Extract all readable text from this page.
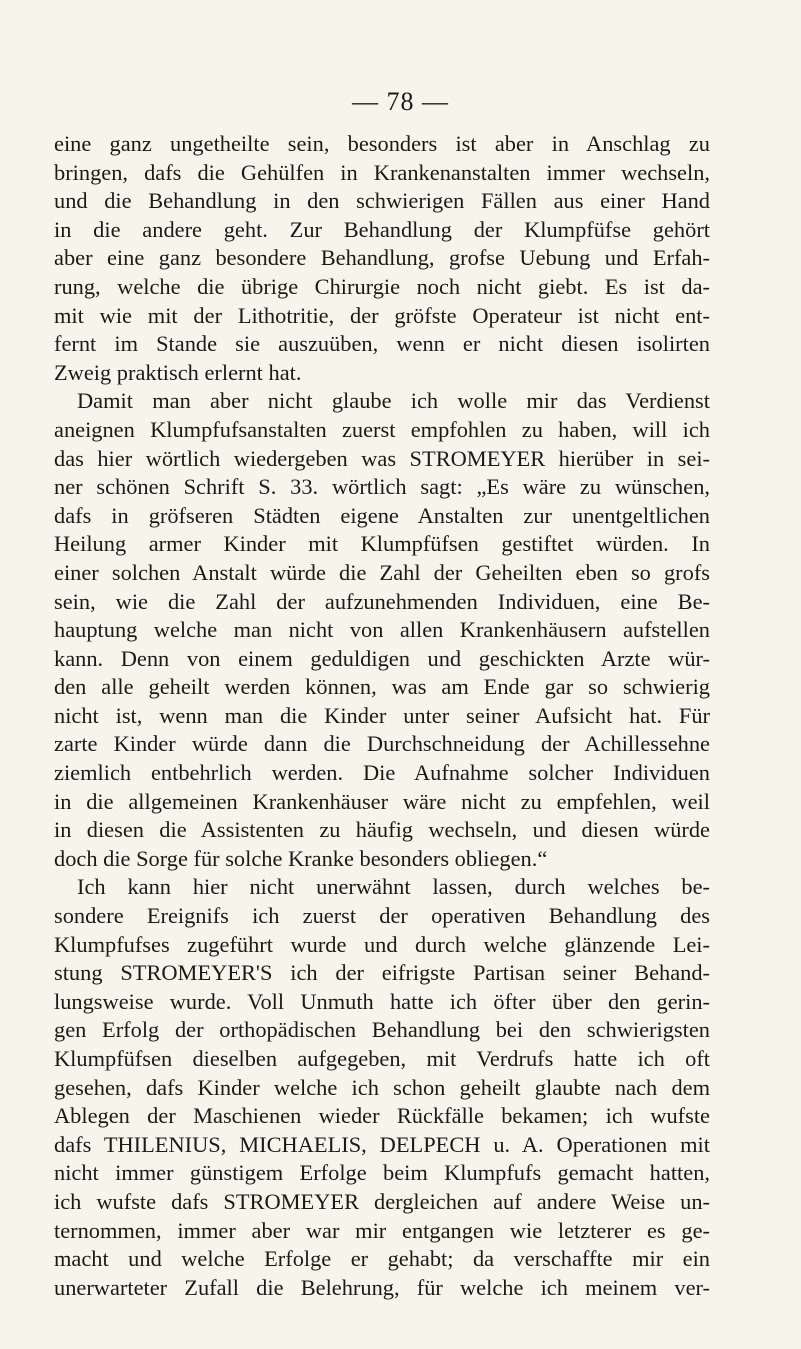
— 78 —
eine ganz ungetheilte sein, besonders ist aber in Anschlag zu
bringen, dafs die Gehülfen in Krankenanstalten immer wechseln,
und die Behandlung in den schwierigen Fällen aus einer Hand
in die andere geht. Zur Behandlung der Klumpfüfse gehört
aber eine ganz besondere Behandlung, grofse Uebung und Erfah-
rung, welche die übrige Chirurgie noch nicht giebt. Es ist da-
mit wie mit der Lithotritie, der gröfste Operateur ist nicht ent-
fernt im Stande sie auszuüben, wenn er nicht diesen isolirten
Zweig praktisch erlernt hat.
Damit man aber nicht glaube ich wolle mir das Verdienst
aneignen Klumpfufsanstalten zuerst empfohlen zu haben, will ich
das hier wörtlich wiedergeben was STROMEYER hierüber in sei-
ner schönen Schrift S. 33. wörtlich sagt: „Es wäre zu wünschen,
dafs in gröfseren Städten eigene Anstalten zur unentgeltlichen
Heilung armer Kinder mit Klumpfüfsen gestiftet würden. In
einer solchen Anstalt würde die Zahl der Geheilten eben so grofs
sein, wie die Zahl der aufzunehmenden Individuen, eine Be-
hauptung welche man nicht von allen Krankenhäusern aufstellen
kann. Denn von einem geduldigen und geschickten Arzte wür-
den alle geheilt werden können, was am Ende gar so schwierig
nicht ist, wenn man die Kinder unter seiner Aufsicht hat. Für
zarte Kinder würde dann die Durchschneidung der Achillessehne
ziemlich entbehrlich werden. Die Aufnahme solcher Individuen
in die allgemeinen Krankenhäuser wäre nicht zu empfehlen, weil
in diesen die Assistenten zu häufig wechseln, und diesen würde
doch die Sorge für solche Kranke besonders obliegen.“
Ich kann hier nicht unerwähnt lassen, durch welches be-
sondere Ereignifs ich zuerst der operativen Behandlung des
Klumpfufses zugeführt wurde und durch welche glänzende Lei-
stung STROMEYER'S ich der eifrigste Partisan seiner Behand-
lungsweise wurde. Voll Unmuth hatte ich öfter über den gerin-
gen Erfolg der orthopädischen Behandlung bei den schwierigsten
Klumpfüfsen dieselben aufgegeben, mit Verdrufs hatte ich oft
gesehen, dafs Kinder welche ich schon geheilt glaubte nach dem
Ablegen der Maschienen wieder Rückfälle bekamen; ich wufste
dafs THILENIUS, MICHAELIS, DELPECH u. A. Operationen mit
nicht immer günstigem Erfolge beim Klumpfufs gemacht hatten,
ich wufste dafs STROMEYER dergleichen auf andere Weise un-
ternommen, immer aber war mir entgangen wie letzterer es ge-
macht und welche Erfolge er gehabt; da verschaffte mir ein
unerwarteter Zufall die Belehrung, für welche ich meinem ver-
